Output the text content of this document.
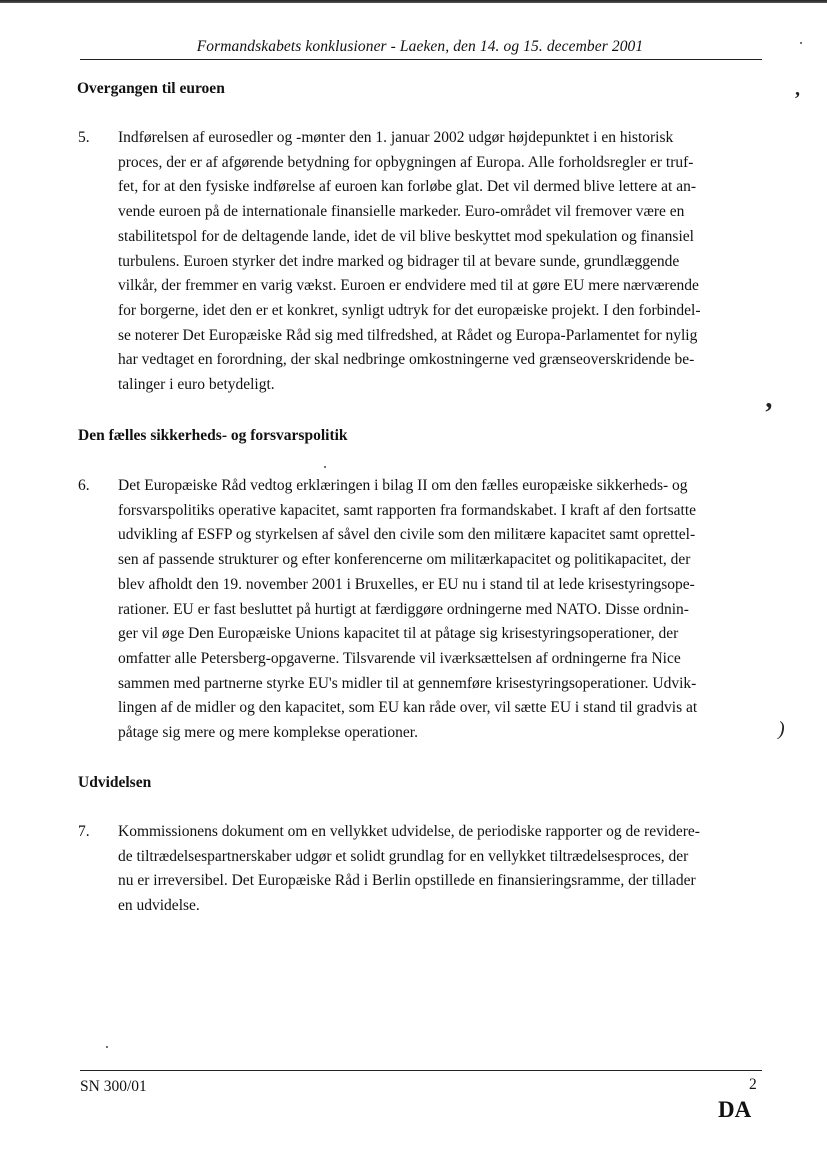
Formandskabets konklusioner - Laeken, den 14. og 15. december 2001
Overgangen til euroen
5. Indførelsen af eurosedler og -mønter den 1. januar 2002 udgør højdepunktet i en historisk
proces, der er af afgørende betydning for opbygningen af Europa. Alle forholdsregler er truf-
fet, for at den fysiske indførelse af euroen kan forløbe glat. Det vil dermed blive lettere at an-
vende euroen på de internationale finansielle markeder. Euro-området vil fremover være en
stabilitetspol for de deltagende lande, idet de vil blive beskyttet mod spekulation og finansiel
turbulens. Euroen styrker det indre marked og bidrager til at bevare sunde, grundlæggende
vilkår, der fremmer en varig vækst. Euroen er endvidere med til at gøre EU mere nærværende
for borgerne, idet den er et konkret, synligt udtryk for det europæiske projekt. I den forbindel-
se noterer Det Europæiske Råd sig med tilfredshed, at Rådet og Europa-Parlamentet for nylig
har vedtaget en forordning, der skal nedbringe omkostningerne ved grænseoverskridende be-
talinger i euro betydeligt.
Den fælles sikkerheds- og forsvarspolitik
6. Det Europæiske Råd vedtog erklæringen i bilag II om den fælles europæiske sikkerheds- og
forsvarspolitiks operative kapacitet, samt rapporten fra formandskabet. I kraft af den fortsatte
udvikling af ESFP og styrkelsen af såvel den civile som den militære kapacitet samt oprettel-
sen af passende strukturer og efter konferencerne om militærkapacitet og politikapacitet, der
blev afholdt den 19. november 2001 i Bruxelles, er EU nu i stand til at lede krisestyringsope-
rationer. EU er fast besluttet på hurtigt at færdiggøre ordningerne med NATO. Disse ordnin-
ger vil øge Den Europæiske Unions kapacitet til at påtage sig krisestyringsoperationer, der
omfatter alle Petersberg-opgaverne. Tilsvarende vil iværksættelsen af ordningerne fra Nice
sammen med partnerne styrke EU's midler til at gennemføre krisestyringsoperationer. Udvik-
lingen af de midler og den kapacitet, som EU kan råde over, vil sætte EU i stand til gradvis at
påtage sig mere og mere komplekse operationer.
Udvidelsen
7. Kommissionens dokument om en vellykket udvidelse, de periodiske rapporter og de revidere-
de tiltrædelsespartnerskaber udgør et solidt grundlag for en vellykket tiltrædelsesproces, der
nu er irreversibel. Det Europæiske Råd i Berlin opstillede en finansieringsramme, der tillader
en udvidelse.
,
’
)
SN 300/01	2
DA
